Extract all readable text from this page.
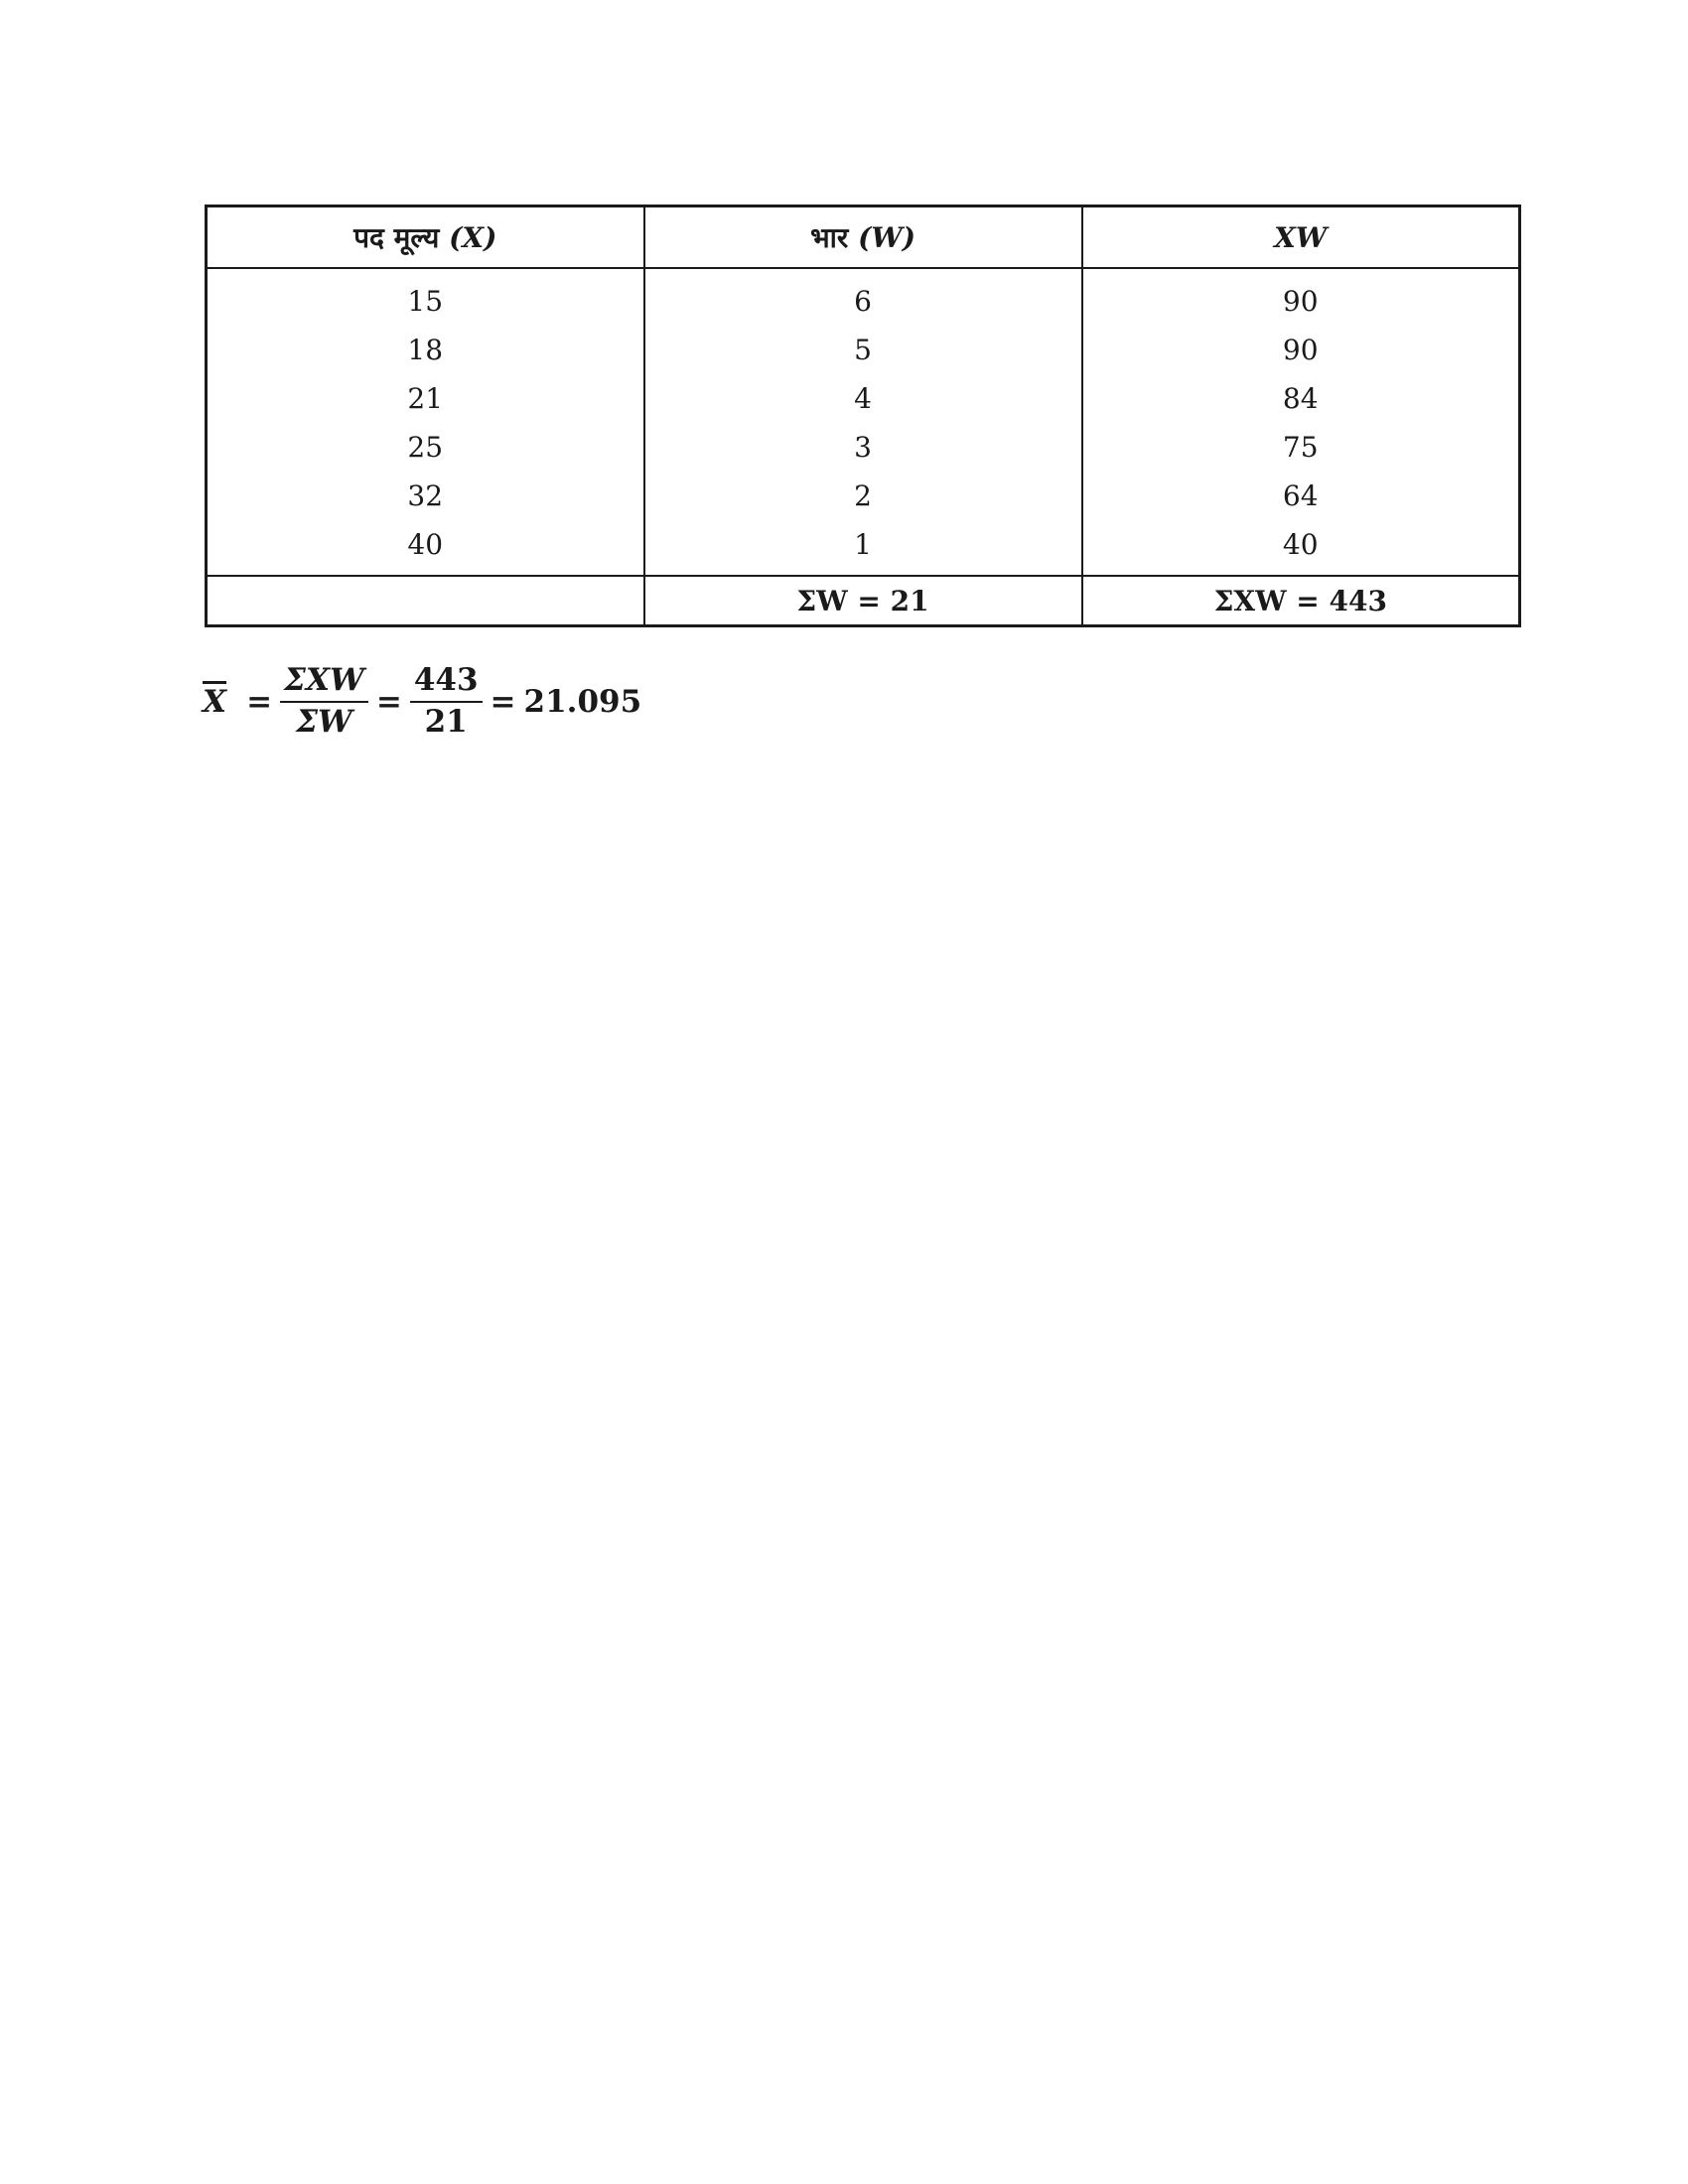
पद मूल्य (X)	भार (W)	XW
15	6	90
18	5	90
21	4	84
25	3	75
32	2	64
40	1	40
	ΣW = 21	ΣXW = 443
$\overline{X} = \frac{\text{ΣXW}}{\Sigma W} = \frac{443}{21} = 21.095$
